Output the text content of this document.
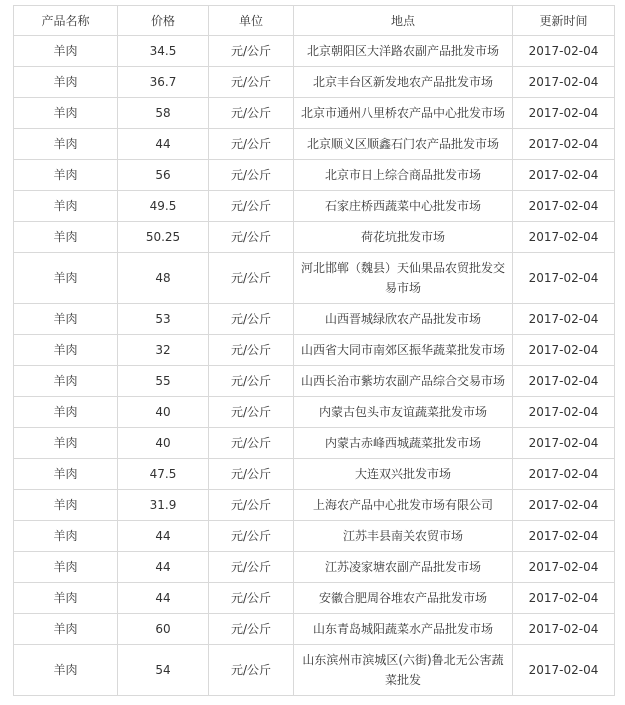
产品名称	价格	单位	地点	更新时间
羊肉	34.5	元/公斤	北京朝阳区大洋路农副产品批发市场	2017-02-04
羊肉	36.7	元/公斤	北京丰台区新发地农产品批发市场	2017-02-04
羊肉	58	元/公斤	北京市通州八里桥农产品中心批发市场	2017-02-04
羊肉	44	元/公斤	北京顺义区顺鑫石门农产品批发市场	2017-02-04
羊肉	56	元/公斤	北京市日上综合商品批发市场	2017-02-04
羊肉	49.5	元/公斤	石家庄桥西蔬菜中心批发市场	2017-02-04
羊肉	50.25	元/公斤	荷花坑批发市场	2017-02-04
羊肉	48	元/公斤	河北邯郸（魏县）天仙果品农贸批发交易市场	2017-02-04
羊肉	53	元/公斤	山西晋城绿欣农产品批发市场	2017-02-04
羊肉	32	元/公斤	山西省大同市南郊区振华蔬菜批发市场	2017-02-04
羊肉	55	元/公斤	山西长治市紫坊农副产品综合交易市场	2017-02-04
羊肉	40	元/公斤	内蒙古包头市友谊蔬菜批发市场	2017-02-04
羊肉	40	元/公斤	内蒙古赤峰西城蔬菜批发市场	2017-02-04
羊肉	47.5	元/公斤	大连双兴批发市场	2017-02-04
羊肉	31.9	元/公斤	上海农产品中心批发市场有限公司	2017-02-04
羊肉	44	元/公斤	江苏丰县南关农贸市场	2017-02-04
羊肉	44	元/公斤	江苏凌家塘农副产品批发市场	2017-02-04
羊肉	44	元/公斤	安徽合肥周谷堆农产品批发市场	2017-02-04
羊肉	60	元/公斤	山东青岛城阳蔬菜水产品批发市场	2017-02-04
羊肉	54	元/公斤	山东滨州市滨城区(六街)鲁北无公害蔬菜批发	2017-02-04
